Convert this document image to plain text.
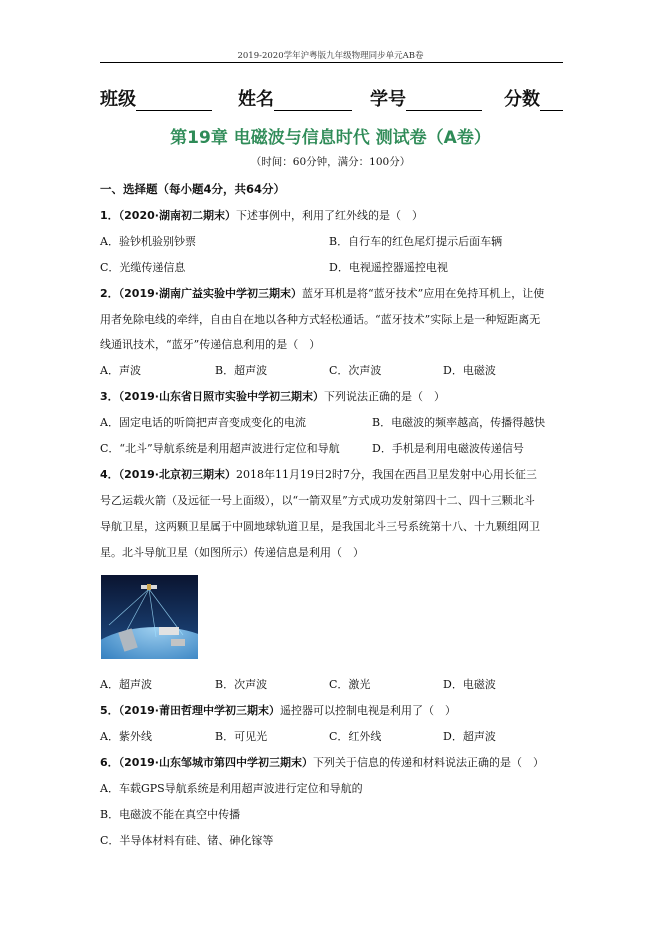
2019-2020学年沪粤版九年级物理同步单元AB卷
班级	姓名	学号	分数
第19章 电磁波与信息时代 测试卷（A卷）
（时间：60分钟，满分：100分）
一、选择题（每小题4分，共64分）
1．（2020·湖南初二期末）下述事例中，利用了红外线的是（　）
A．验钞机验别钞票	B．自行车的红色尾灯提示后面车辆
C．光缆传递信息	D．电视遥控器遥控电视
2．（2019·湖南广益实验中学初三期末）蓝牙耳机是将“蓝牙技术”应用在免持耳机上，让使
用者免除电线的牵绊，自由自在地以各种方式轻松通话。“蓝牙技术”实际上是一种短距离无
线通讯技术，“蓝牙”传递信息利用的是（　）
A．声波	B．超声波	C．次声波	D．电磁波
3．（2019·山东省日照市实验中学初三期末）下列说法正确的是（　）
A．固定电话的听筒把声音变成变化的电流	B．电磁波的频率越高，传播得越快
C．“北斗”导航系统是利用超声波进行定位和导航	D．手机是利用电磁波传递信号
4．（2019·北京初三期末）2018年11月19日2时7分，我国在西昌卫星发射中心用长征三
号乙运载火箭（及远征一号上面级），以“一箭双星”方式成功发射第四十二、四十三颗北斗
导航卫星，这两颗卫星属于中圆地球轨道卫星，是我国北斗三号系统第十八、十九颗组网卫
星。北斗导航卫星（如图所示）传递信息是利用（　）
A．超声波	B．次声波	C．激光	D．电磁波
5．（2019·莆田哲理中学初三期末）遥控器可以控制电视是利用了（　）
A．紫外线	B．可见光	C．红外线	D．超声波
6．（2019·山东邹城市第四中学初三期末）下列关于信息的传递和材料说法正确的是（　）
A．车载GPS导航系统是利用超声波进行定位和导航的
B．电磁波不能在真空中传播
C．半导体材料有硅、锗、砷化镓等
